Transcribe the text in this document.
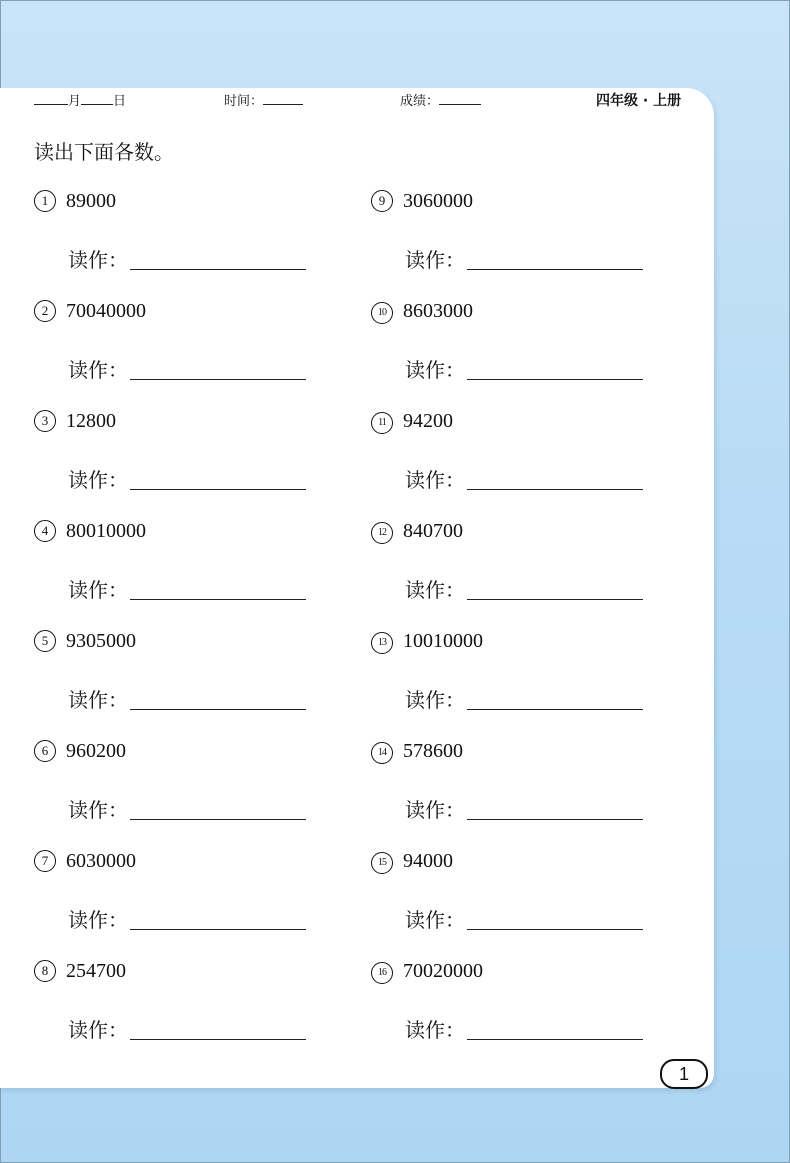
月 日	时间：	成绩：	四年级 · 上册
读出下面各数。
1 89000
读作：
2 70040000
读作：
3 12800
读作：
4 80010000
读作：
5 9305000
读作：
6 960200
读作：
7 6030000
读作：
8 254700
读作：
9 3060000
读作：
10 8603000
读作：
11 94200
读作：
12 840700
读作：
13 10010000
读作：
14 578600
读作：
15 94000
读作：
16 70020000
读作：
1
